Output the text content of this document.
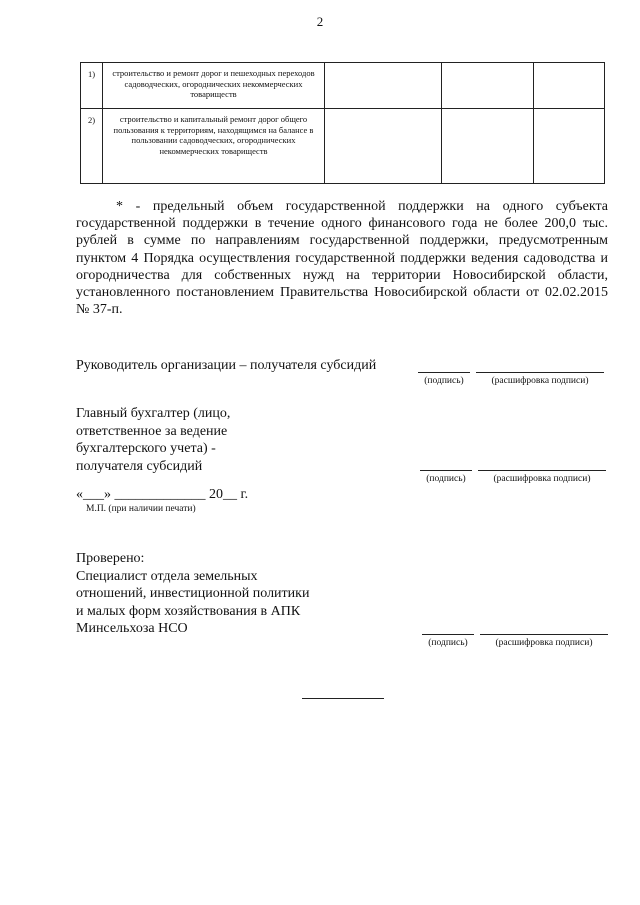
2
1)	строительство и ремонт дорог и пешеходных переходов садоводческих, огороднических некоммерческих товариществ			
2)	строительство и капитальный ремонт дорог общего пользования к территориям, находящимся на балансе в пользовании садоводческих, огороднических некоммерческих товариществ			
* - предельный объем государственной поддержки на одного субъекта государственной поддержки в течение одного финансового года не более 200,0 тыс. рублей в сумме по направлениям государственной поддержки, предусмотренным пунктом 4 Порядка осуществления государственной поддержки ведения садоводства и огородничества для собственных нужд на территории Новосибирской области, установленного постановлением Правительства Новосибирской области от 02.02.2015 № 37-п.
Руководитель организации – получателя субсидий
(подпись)	(расшифровка подписи)
Главный бухгалтер (лицо,
ответственное за ведение
бухгалтерского учета) -
получателя субсидий
(подпись)	(расшифровка подписи)
«___» _____________ 20__ г.
М.П. (при наличии печати)
Проверено:
Специалист отдела земельных
отношений, инвестиционной политики
и малых форм хозяйствования в АПК
Минсельхоза НСО
(подпись)	(расшифровка подписи)
